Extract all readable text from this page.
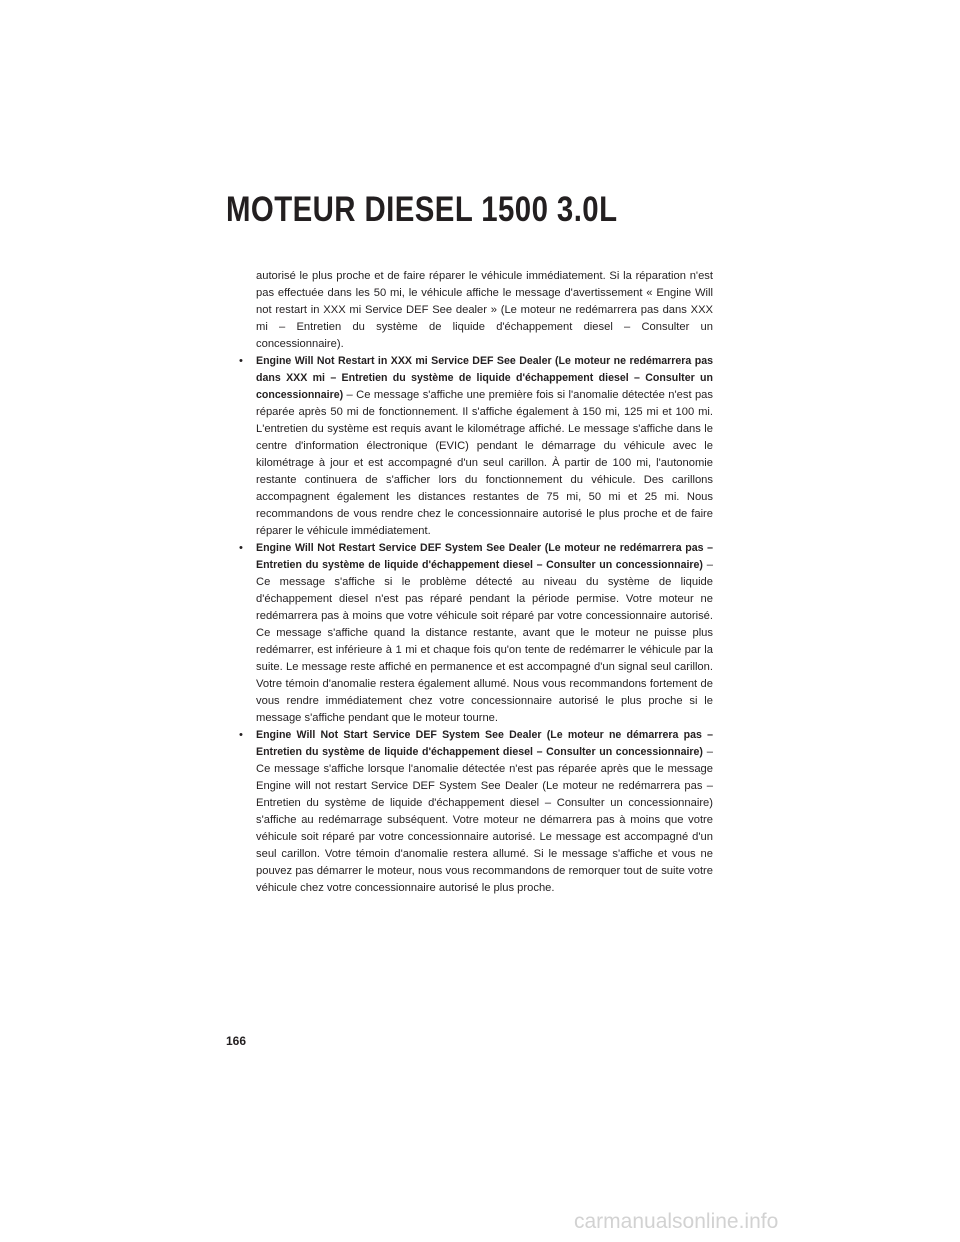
MOTEUR DIESEL 1500 3.0L

autorisé le plus proche et de faire réparer le véhicule immédiatement. Si la réparation n'est pas effectuée dans les 50 mi, le véhicule affiche le message d'avertissement « Engine Will not restart in XXX mi Service DEF See dealer » (Le moteur ne redémarrera pas dans XXX mi – Entretien du système de liquide d'échappement diesel – Consulter un concessionnaire).

•	Engine Will Not Restart in XXX mi Service DEF See Dealer (Le moteur ne redémarrera pas dans XXX mi – Entretien du système de liquide d'échappement diesel – Consulter un concessionnaire) – Ce message s'affiche une première fois si l'anomalie détectée n'est pas réparée après 50 mi de fonctionnement. Il s'affiche également à 150 mi, 125 mi et 100 mi. L'entretien du système est requis avant le kilométrage affiché. Le message s'affiche dans le centre d'information électronique (EVIC) pendant le démarrage du véhicule avec le kilométrage à jour et est accompagné d'un seul carillon. À partir de 100 mi, l'autonomie restante continuera de s'afficher lors du fonctionnement du véhicule. Des carillons accompagnent également les distances restantes de 75 mi, 50 mi et 25 mi. Nous recommandons de vous rendre chez le concessionnaire autorisé le plus proche et de faire réparer le véhicule immédiatement.
•	Engine Will Not Restart Service DEF System See Dealer (Le moteur ne redémarrera pas – Entretien du système de liquide d'échappement diesel – Consulter un concessionnaire) – Ce message s'affiche si le problème détecté au niveau du système de liquide d'échappement diesel n'est pas réparé pendant la période permise. Votre moteur ne redémarrera pas à moins que votre véhicule soit réparé par votre concessionnaire autorisé. Ce message s'affiche quand la distance restante, avant que le moteur ne puisse plus redémarrer, est inférieure à 1 mi et chaque fois qu'on tente de redémarrer le véhicule par la suite. Le message reste affiché en permanence et est accompagné d'un signal seul carillon. Votre témoin d'anomalie restera également allumé. Nous vous recommandons fortement de vous rendre immédiatement chez votre concessionnaire autorisé le plus proche si le message s'affiche pendant que le moteur tourne.
•	Engine Will Not Start Service DEF System See Dealer (Le moteur ne démarrera pas – Entretien du système de liquide d'échappement diesel – Consulter un concessionnaire) – Ce message s'affiche lorsque l'anomalie détectée n'est pas réparée après que le message Engine will not restart Service DEF System See Dealer (Le moteur ne redémarrera pas – Entretien du système de liquide d'échappement diesel – Consulter un concessionnaire) s'affiche au redémarrage subséquent. Votre moteur ne démarrera pas à moins que votre véhicule soit réparé par votre concessionnaire autorisé. Le message est accompagné d'un seul carillon. Votre témoin d'anomalie restera allumé. Si le message s'affiche et vous ne pouvez pas démarrer le moteur, nous vous recommandons de remorquer tout de suite votre véhicule chez votre concessionnaire autorisé le plus proche.

166

carmanualsonline.info
